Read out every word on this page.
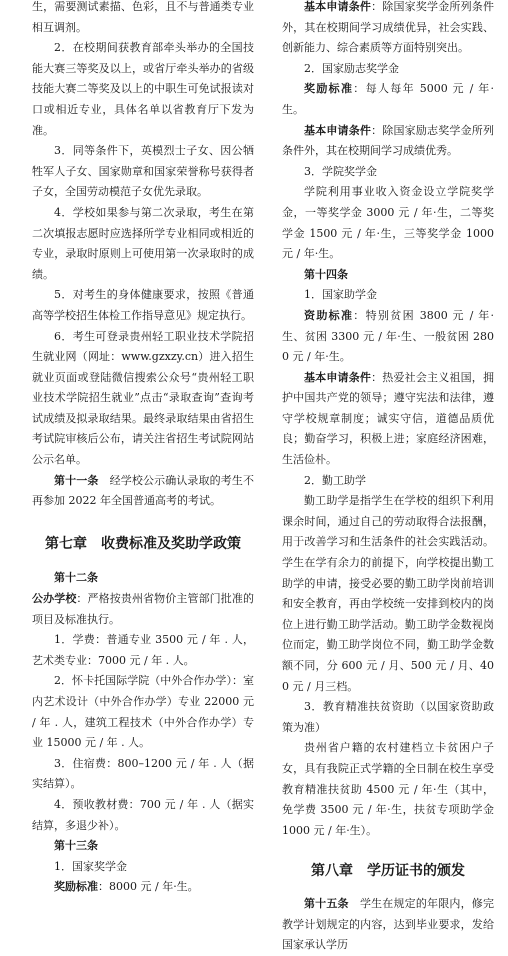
生，需要测试素描、色彩，且不与普通类专业相互调剂。

2．在校期间获教育部牵头举办的全国技能大赛三等奖及以上，或省厅牵头举办的省级技能大赛二等奖及以上的中职生可免试报读对口或相近专业，具体名单以省教育厅下发为准。

3．同等条件下，英模烈士子女、因公牺牲军人子女、国家勋章和国家荣誉称号获得者子女，全国劳动模范子女优先录取。

4．学校如果参与第二次录取，考生在第二次填报志愿时应选择所学专业相同或相近的专业，录取时原则上可使用第一次录取时的成绩。

5．对考生的身体健康要求，按照《普通高等学校招生体检工作指导意见》规定执行。

6．考生可登录贵州轻工职业技术学院招生就业网（网址：www.gzxzy.cn）进入招生就业页面或登陆微信搜索公众号“贵州轻工职业技术学院招生就业”点击“录取查询”查询考试成绩及拟录取结果。最终录取结果由省招生考试院审核后公布，请关注省招生考试院网站公示名单。

第十一条　 经学校公示确认录取的考生不再参加 2022 年全国普通高考的考试。

第七章　收费标准及奖助学政策

第十二条

公办学校：严格按贵州省物价主管部门批准的项目及标准执行。

1．学费：普通专业 3500 元 / 年 . 人，艺术类专业：7000 元 / 年 . 人。

2．怀卡托国际学院（中外合作办学）：室内艺术设计（中外合作办学）专业 22000 元 / 年 . 人，建筑工程技术（中外合作办学）专业 15000 元 / 年 . 人。

3．住宿费：800–1200 元 / 年 . 人（据实结算）。

4．预收教材费：700 元 / 年 . 人（据实结算，多退少补）。

第十三条

1．国家奖学金

奖励标准：8000 元 / 年·生。

基本申请条件：除国家奖学金所列条件外，其在校期间学习成绩优异，社会实践、创新能力、综合素质等方面特别突出。

2．国家励志奖学金

奖励标准：每人每年 5000 元 / 年·生。

基本申请条件：除国家励志奖学金所列条件外，其在校期间学习成绩优秀。

3．学院奖学金

学院利用事业收入资金设立学院奖学金，一等奖学金 3000 元 / 年·生，二等奖学金 1500 元 / 年·生，三等奖学金 1000 元 / 年·生。

第十四条

1．国家助学金

资助标准：特别贫困 3800 元 / 年·生、贫困 3300 元 / 年·生、一般贫困 2800 元 / 年·生。

基本申请条件：热爱社会主义祖国，拥护中国共产党的领导；遵守宪法和法律，遵守学校规章制度；诚实守信，道德品质优良；勤奋学习，积极上进；家庭经济困难，生活俭朴。

2．勤工助学

勤工助学是指学生在学校的组织下利用课余时间，通过自己的劳动取得合法报酬，用于改善学习和生活条件的社会实践活动。学生在学有余力的前提下，向学校提出勤工助学的申请，接受必要的勤工助学岗前培训和安全教育，再由学校统一安排到校内的岗位上进行勤工助学活动。勤工助学金数视岗位而定，勤工助学岗位不同，勤工助学金数额不同，分 600 元 / 月、500 元 / 月、400 元 / 月三档。

3．教育精准扶贫资助（以国家资助政策为准）

贵州省户籍的农村建档立卡贫困户子女，具有我院正式学籍的全日制在校生享受教育精准扶贫助 4500 元 / 年·生（其中，免学费 3500 元 / 年·生，扶贫专项助学金 1000 元 / 年·生）。

第八章　学历证书的颁发

第十五条　 学生在规定的年限内，修完教学计划规定的内容，达到毕业要求，发给国家承认学历
